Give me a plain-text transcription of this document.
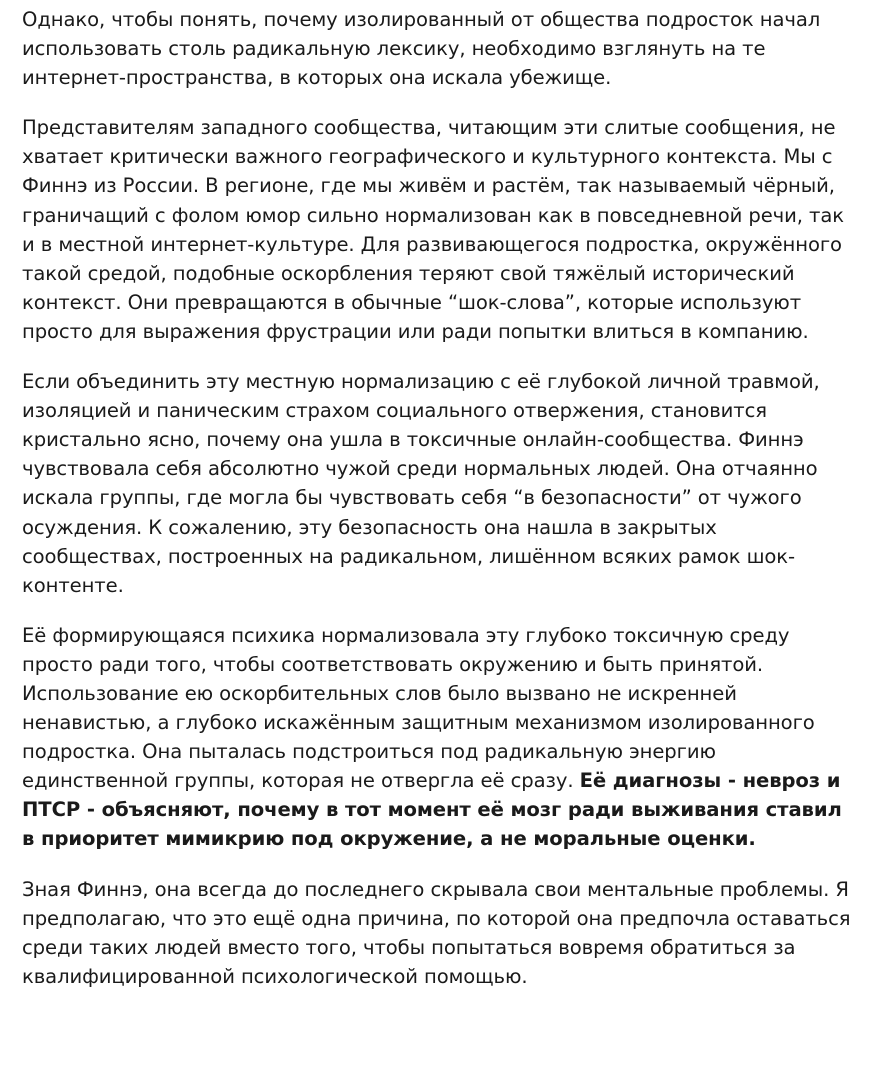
Однако, чтобы понять, почему изолированный от общества подросток начал использовать столь радикальную лексику, необходимо взглянуть на те интернет-пространства, в которых она искала убежище.

Представителям западного сообщества, читающим эти слитые сообщения, не хватает критически важного географического и культурного контекста. Мы с Финнэ из России. В регионе, где мы живём и растём, так называемый чёрный, граничащий с фолом юмор сильно нормализован как в повседневной речи, так и в местной интернет-культуре. Для развивающегося подростка, окружённого такой средой, подобные оскорбления теряют свой тяжёлый исторический контекст. Они превращаются в обычные “шок-слова”, которые используют просто для выражения фрустрации или ради попытки влиться в компанию.

Если объединить эту местную нормализацию с её глубокой личной травмой, изоляцией и паническим страхом социального отвержения, становится кристально ясно, почему она ушла в токсичные онлайн-сообщества. Финнэ чувствовала себя абсолютно чужой среди нормальных людей. Она отчаянно искала группы, где могла бы чувствовать себя “в безопасности” от чужого осуждения. К сожалению, эту безопасность она нашла в закрытых сообществах, построенных на радикальном, лишённом всяких рамок шок-контенте.

Её формирующаяся психика нормализовала эту глубоко токсичную среду просто ради того, чтобы соответствовать окружению и быть принятой. Использование ею оскорбительных слов было вызвано не искренней ненавистью, а глубоко искажённым защитным механизмом изолированного подростка. Она пыталась подстроиться под радикальную энергию единственной группы, которая не отвергла её сразу. Её диагнозы - невроз и ПТСР - объясняют, почему в тот момент её мозг ради выживания ставил в приоритет мимикрию под окружение, а не моральные оценки.

Зная Финнэ, она всегда до последнего скрывала свои ментальные проблемы. Я предполагаю, что это ещё одна причина, по которой она предпочла оставаться среди таких людей вместо того, чтобы попытаться вовремя обратиться за квалифицированной психологической помощью.
